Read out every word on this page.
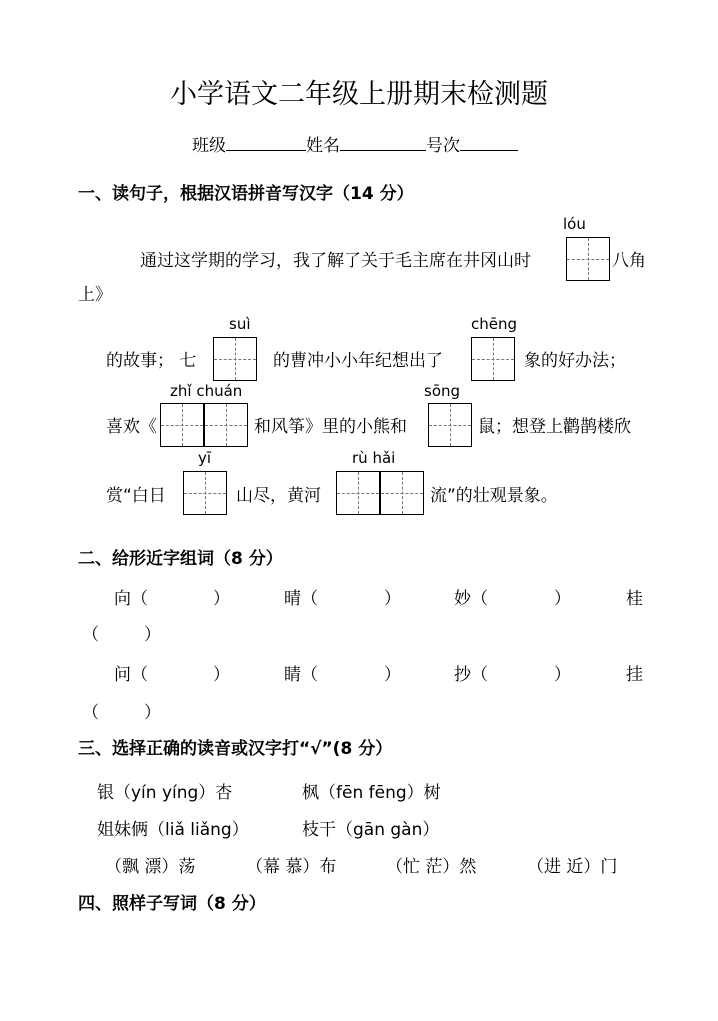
小学语文二年级上册期末检测题
班级	姓名	号次
一、读句子，根据汉语拼音写汉字（14 分）
lóu
通过这学期的学习，我了解了关于毛主席在井冈山时	八角
上》
suì	chēng
的故事； 七	的曹冲小小年纪想出了	象的好办法；
zhǐ chuán	sōng
喜欢《	和风筝》里的小熊和	鼠；想登上鹳鹊楼欣
yī	rù hǎi
赏“白日	山尽，黄河	流”的壮观景象。
二、给形近字组词（8 分）
向（	）	晴（	）	妙（	）	桂
（	）
问（	）	睛（	）	抄（	）	挂
（	）
三、选择正确的读音或汉字打“√”(8 分）
银（yín yíng）杏	枫（fēn fēng）树
姐妹俩（liǎ liǎng）	枝干（gān gàn）
（飘 漂）荡	（幕 慕）布	（忙 茫）然	（进 近）门
四、照样子写词（8 分）
